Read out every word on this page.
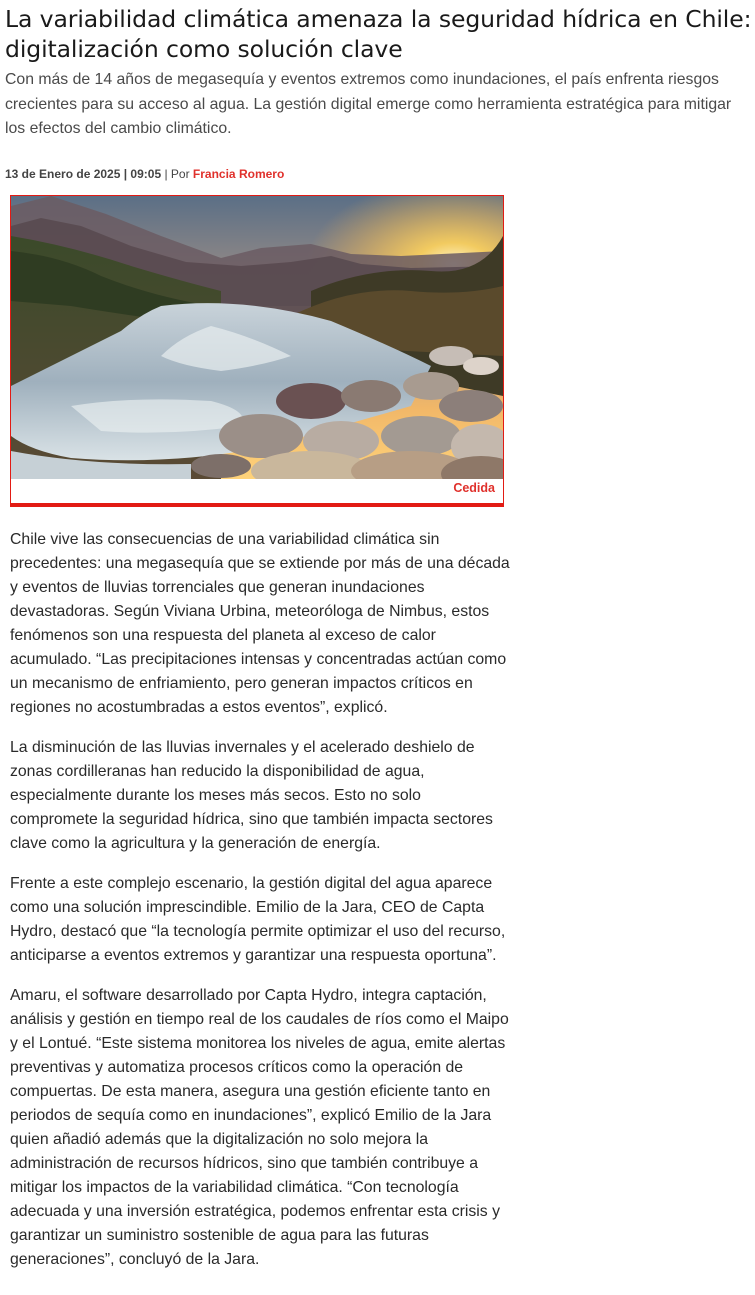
La variabilidad climática amenaza la seguridad hídrica en Chile: digitalización como solución clave

Con más de 14 años de megasequía y eventos extremos como inundaciones, el país enfrenta riesgos crecientes para su acceso al agua. La gestión digital emerge como herramienta estratégica para mitigar los efectos del cambio climático.

13 de Enero de 2025 | 09:05 | Por Francia Romero

Cedida

Chile vive las consecuencias de una variabilidad climática sin precedentes: una megasequía que se extiende por más de una década y eventos de lluvias torrenciales que generan inundaciones devastadoras. Según Viviana Urbina, meteoróloga de Nimbus, estos fenómenos son una respuesta del planeta al exceso de calor acumulado. “Las precipitaciones intensas y concentradas actúan como un mecanismo de enfriamiento, pero generan impactos críticos en regiones no acostumbradas a estos eventos”, explicó.

La disminución de las lluvias invernales y el acelerado deshielo de zonas cordilleranas han reducido la disponibilidad de agua, especialmente durante los meses más secos. Esto no solo compromete la seguridad hídrica, sino que también impacta sectores clave como la agricultura y la generación de energía.

Frente a este complejo escenario, la gestión digital del agua aparece como una solución imprescindible. Emilio de la Jara, CEO de Capta Hydro, destacó que “la tecnología permite optimizar el uso del recurso, anticiparse a eventos extremos y garantizar una respuesta oportuna”.

Amaru, el software desarrollado por Capta Hydro, integra captación, análisis y gestión en tiempo real de los caudales de ríos como el Maipo y el Lontué. “Este sistema monitorea los niveles de agua, emite alertas preventivas y automatiza procesos críticos como la operación de compuertas. De esta manera, asegura una gestión eficiente tanto en periodos de sequía como en inundaciones”, explicó Emilio de la Jara quien añadió además que la digitalización no solo mejora la administración de recursos hídricos, sino que también contribuye a mitigar los impactos de la variabilidad climática. “Con tecnología adecuada y una inversión estratégica, podemos enfrentar esta crisis y garantizar un suministro sostenible de agua para las futuras generaciones”, concluyó de la Jara.
